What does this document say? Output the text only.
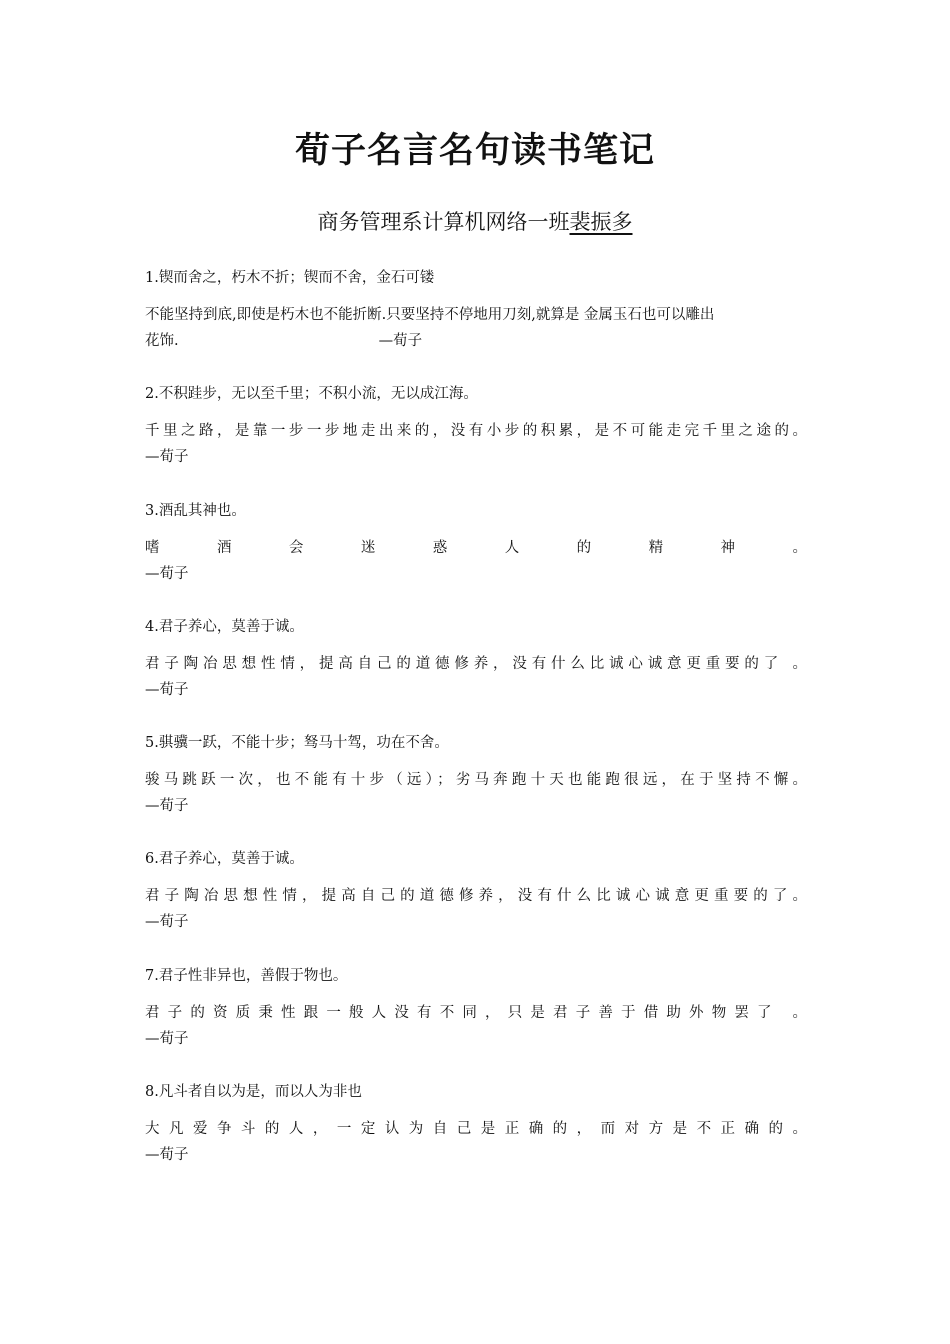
荀子名言名句读书笔记
商务管理系计算机网络一班裴振多

1.锲而舍之，朽木不折；锲而不舍，金石可镂

不能坚持到底,即使是朽木也不能折断.只要坚持不停地用刀刻,就算是 金属玉石也可以雕出
花饰.	—荀子

2.不积跬步，无以至千里；不积小流，无以成江海。

千里之路，是靠一步一步地走出来的，没有小步的积累，是不可能走完千里之途的。
—荀子

3.酒乱其神也。

嗜酒会迷惑人的精神。
—荀子

4.君子养心，莫善于诚。

君子陶冶思想性情，提高自己的道德修养，没有什么比诚心诚意更重要的了 。
—荀子

5.骐骥一跃，不能十步；驽马十驾，功在不舍。

骏马跳跃一次，也不能有十步（远）；劣马奔跑十天也能跑很远，在于坚持不懈。
—荀子

6.君子养心，莫善于诚。

君子陶冶思想性情，提高自己的道德修养，没有什么比诚心诚意更重要的了。
—荀子

7.君子性非异也，善假于物也。

君子的资质秉性跟一般人没有不同，只是君子善于借助外物罢了 。
—荀子

8.凡斗者自以为是，而以人为非也

大凡爱争斗的人，一定认为自己是正确的，而对方是不正确的。
—荀子
